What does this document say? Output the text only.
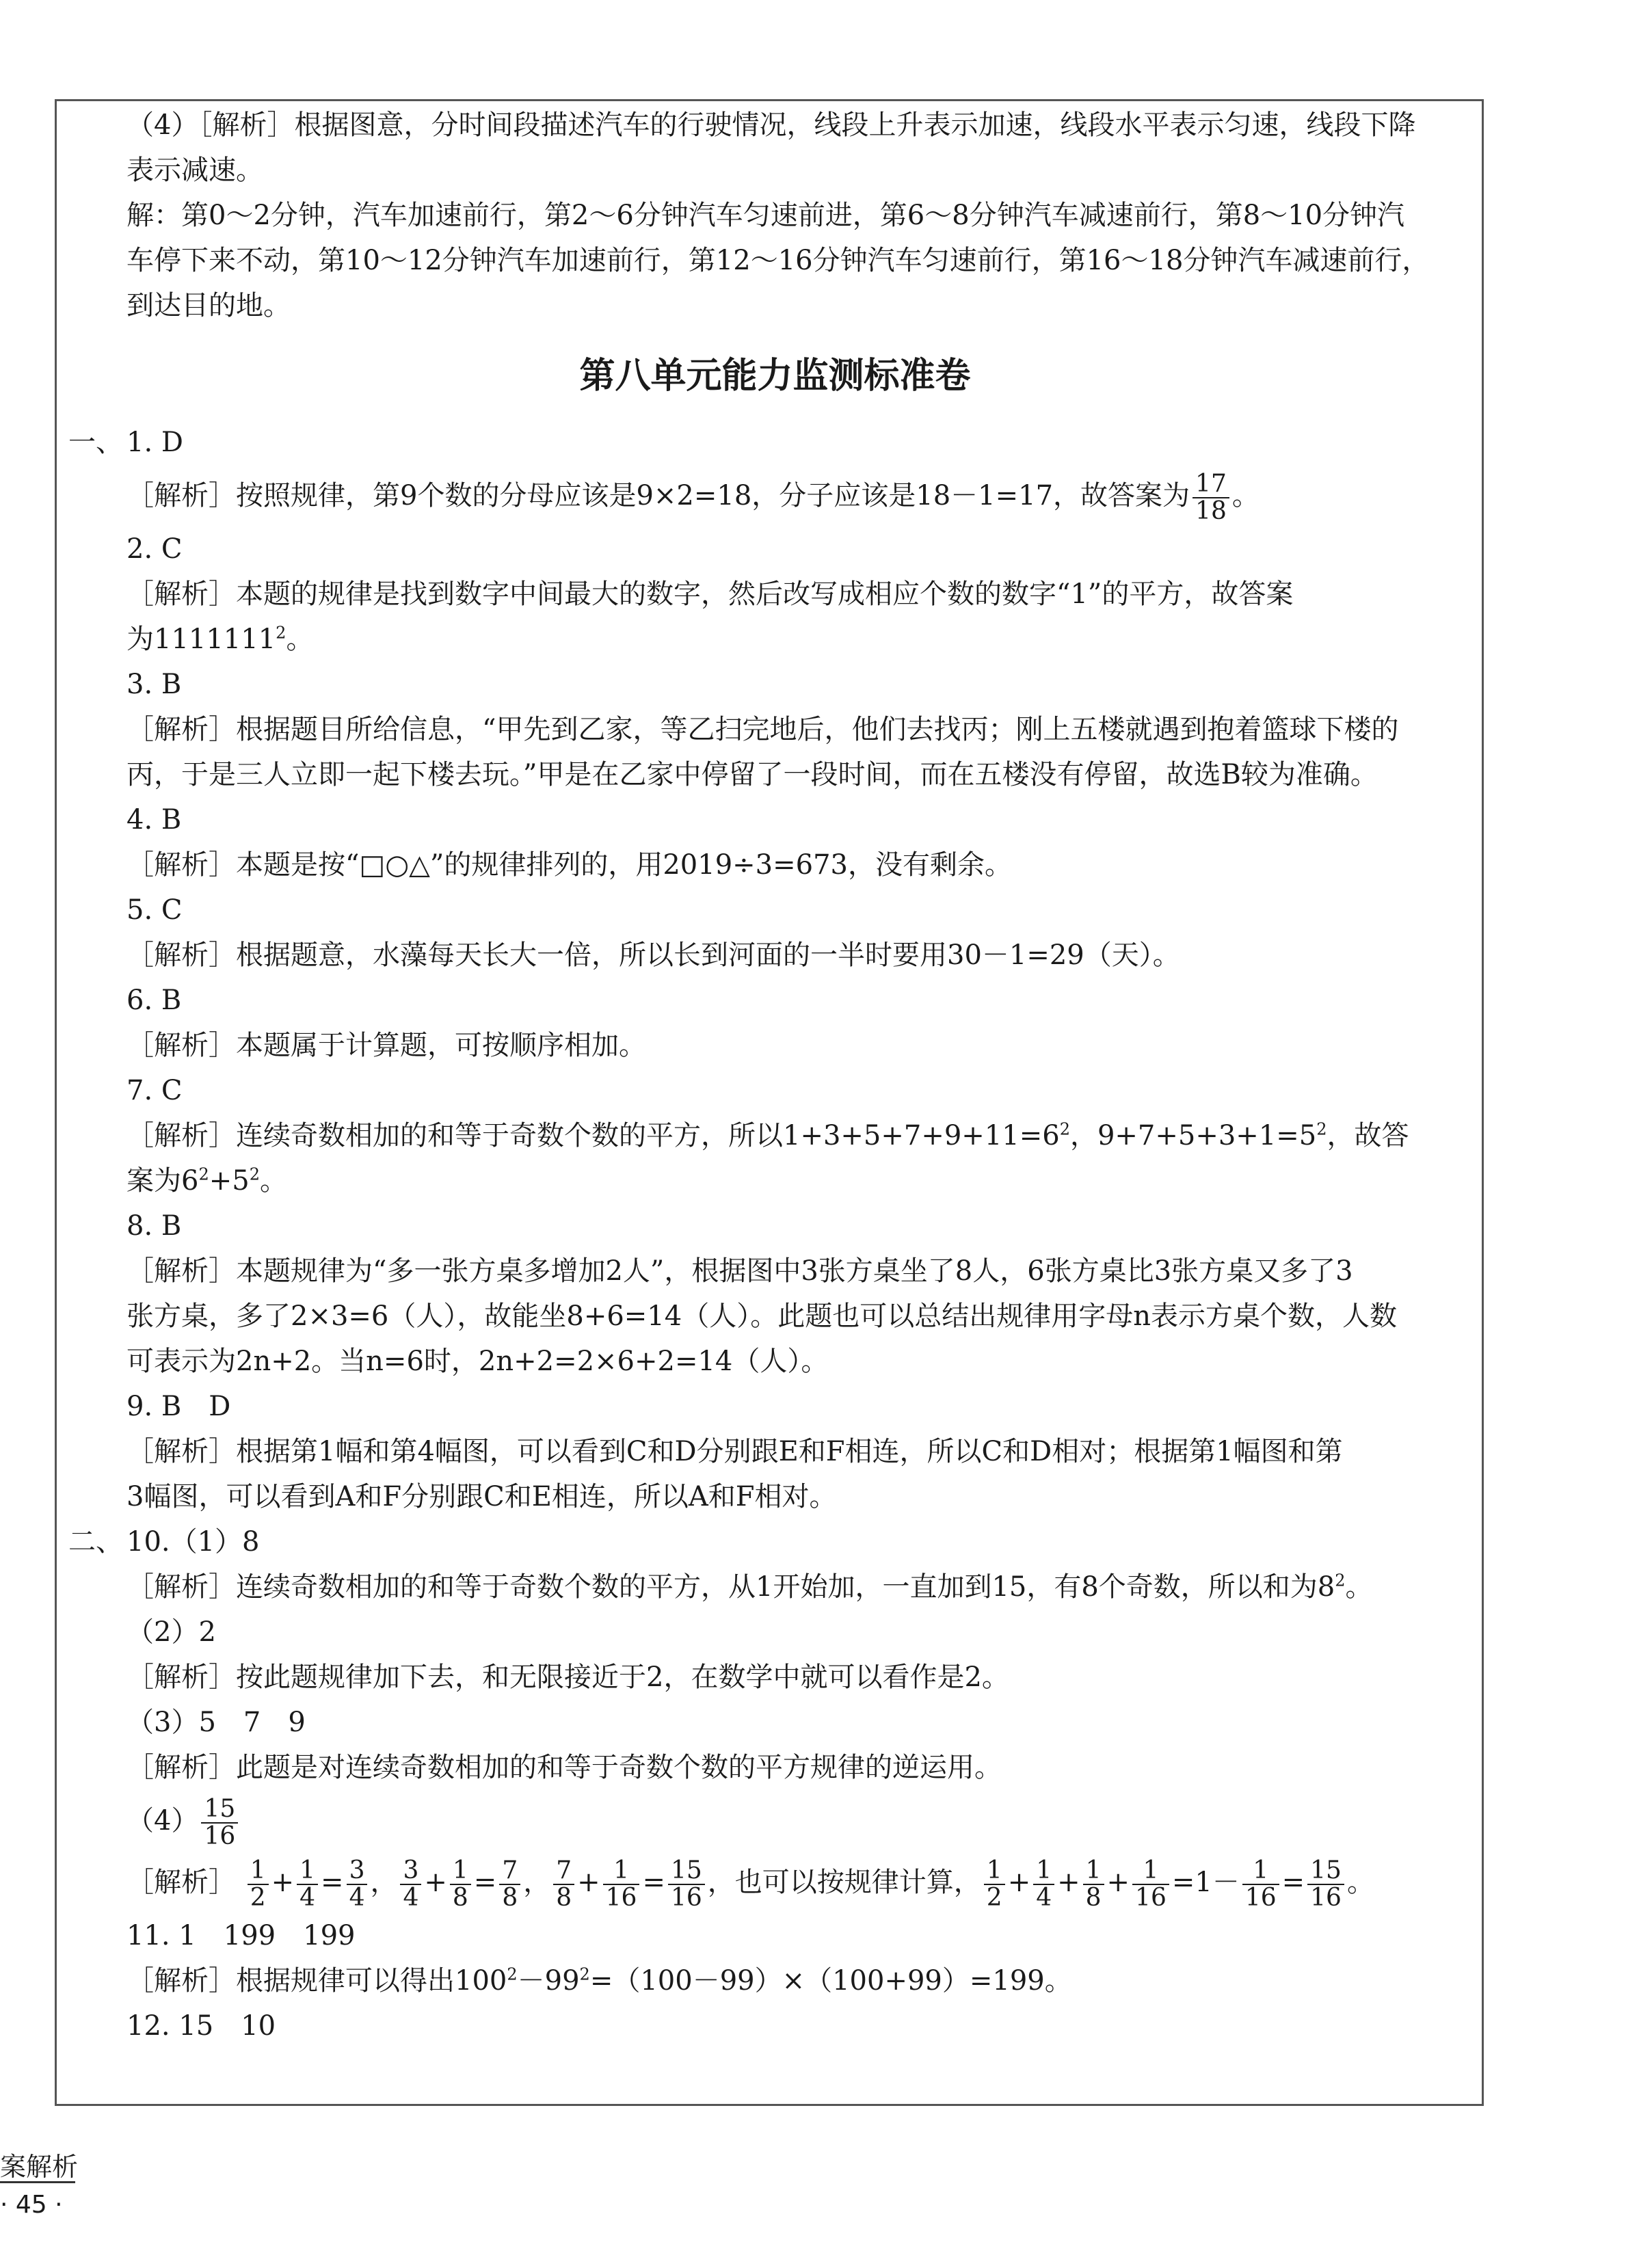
（4）［解析］根据图意，分时间段描述汽车的行驶情况，线段上升表示加速，线段水平表示匀速，线段下降

表示减速。

解：第0～2分钟，汽车加速前行，第2～6分钟汽车匀速前进，第6～8分钟汽车减速前行，第8～10分钟汽

车停下来不动，第10～12分钟汽车加速前行，第12～16分钟汽车匀速前行，第16～18分钟汽车减速前行，

到达目的地。

第八单元能力监测标准卷

一、 1. D

［解析］按照规律，第9个数的分母应该是9×2=18，分子应该是18－1=17，故答案为 $\frac{17}{18}$ 。

2. C

［解析］本题的规律是找到数字中间最大的数字，然后改写成相应个数的数字“1”的平方，故答案

为1111111$^2$。

3. B

［解析］根据题目所给信息，“甲先到乙家，等乙扫完地后，他们去找丙；刚上五楼就遇到抱着篮球下楼的

丙，于是三人立即一起下楼去玩。”甲是在乙家中停留了一段时间，而在五楼没有停留，故选B较为准确。

4. B

［解析］本题是按“□○△”的规律排列的，用2019÷3=673，没有剩余。

5. C

［解析］根据题意，水藻每天长大一倍，所以长到河面的一半时要用30－1=29（天）。

6. B

［解析］本题属于计算题，可按顺序相加。

7. C

［解析］连续奇数相加的和等于奇数个数的平方，所以$1+3+5+7+9+11=6^2$，$9+7+5+3+1=5^2$，故答

案为$6^2+5^2$。

8. B

［解析］本题规律为“多一张方桌多增加2人”，根据图中3张方桌坐了8人，6张方桌比3张方桌又多了3

张方桌，多了2×3=6（人），故能坐8+6=14（人）。此题也可以总结出规律用字母n表示方桌个数，人数

可表示为2n+2。当n=6时，2n+2=2×6+2=14（人）。

9. B　D

［解析］根据第1幅和第4幅图，可以看到C和D分别跟E和F相连，所以C和D相对；根据第1幅图和第

3幅图，可以看到A和F分别跟C和E相连，所以A和F相对。

二、 10.（1）8

［解析］连续奇数相加的和等于奇数个数的平方，从1开始加，一直加到15，有8个奇数，所以和为$8^2$。

（2）2

［解析］按此题规律加下去，和无限接近于2，在数学中就可以看作是2。

（3）5　7　9

［解析］此题是对连续奇数相加的和等于奇数个数的平方规律的逆运用。

$(4) \frac{15}{16}$

［解析］ $\frac{1}{2} + \frac{1}{4} = \frac{3}{4}$ ， $\frac{3}{4} + \frac{1}{8} = \frac{7}{8}$ ， $\frac{7}{8} + \frac{1}{16} = \frac{15}{16}$ ，也可以按规律计算， $\frac{1}{2} + \frac{1}{4} + \frac{1}{8} + \frac{1}{16} =1- \frac{1}{16} = \frac{15}{16}$ 。

11. 1　199　199

［解析］根据规律可以得出$100^2-99^2=(100-99)\times(100+99)=199$。

12. 15　10

案解析
· 45 ·
